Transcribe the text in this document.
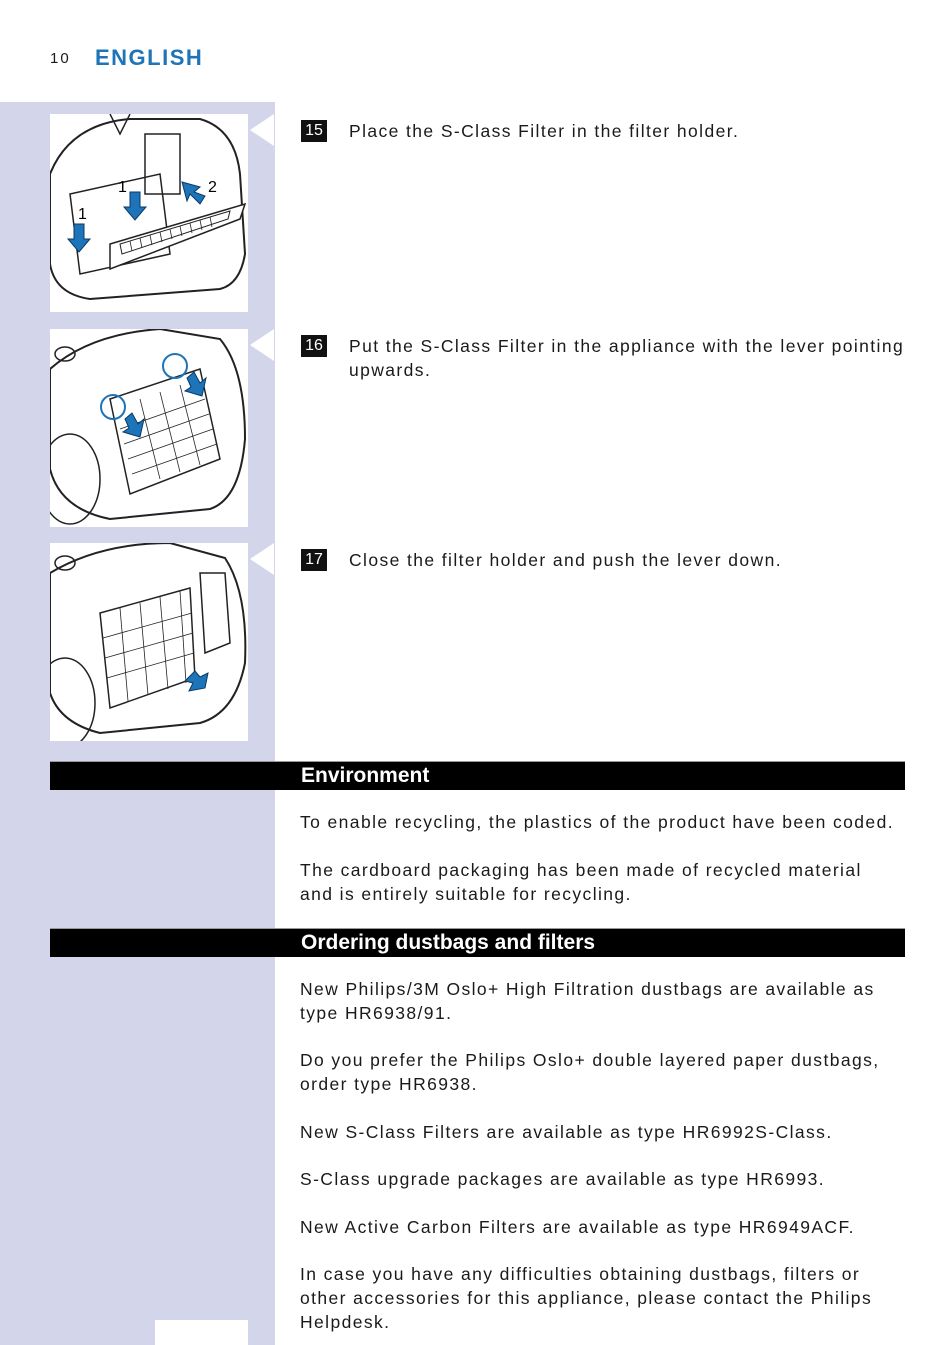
10 ENGLISH
1
1	2
15 Place the S-Class Filter in the filter holder.
16 Put the S-Class Filter in the appliance with the lever pointing upwards.
17 Close the filter holder and push the lever down.
Environment
To enable recycling, the plastics of the product have been coded.
The cardboard packaging has been made of recycled material and is entirely suitable for recycling.
Ordering dustbags and filters
New Philips/3M Oslo+ High Filtration dustbags are available as type HR6938/91.
Do you prefer the Philips Oslo+ double layered paper dustbags, order type HR6938.
New S-Class Filters are available as type HR6992S-Class.
S-Class upgrade packages are available as type HR6993.
New Active Carbon Filters are available as type HR6949ACF.
In case you have any difficulties obtaining dustbags, filters or other accessories for this appliance, please contact the Philips Helpdesk.
